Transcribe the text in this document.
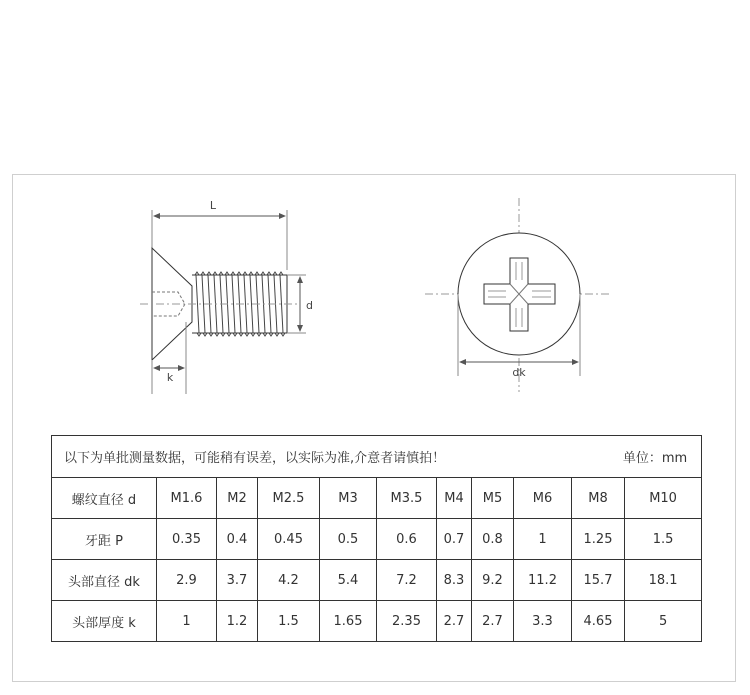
L
d
k	dk
以下为单批测量数据，可能稍有误差，以实际为准,介意者请慎拍！ 单位：mm										

螺纹直径 d	M1.6	M2	M2.5	M3	M3.5	M4	M5	M6	M8	M10
牙距 P	0.35	0.4	0.45	0.5	0.6	0.7	0.8	1	1.25	1.5
头部直径 dk	2.9	3.7	4.2	5.4	7.2	8.3	9.2	11.2	15.7	18.1
头部厚度 k	1	1.2	1.5	1.65	2.35	2.7	2.7	3.3	4.65	5
